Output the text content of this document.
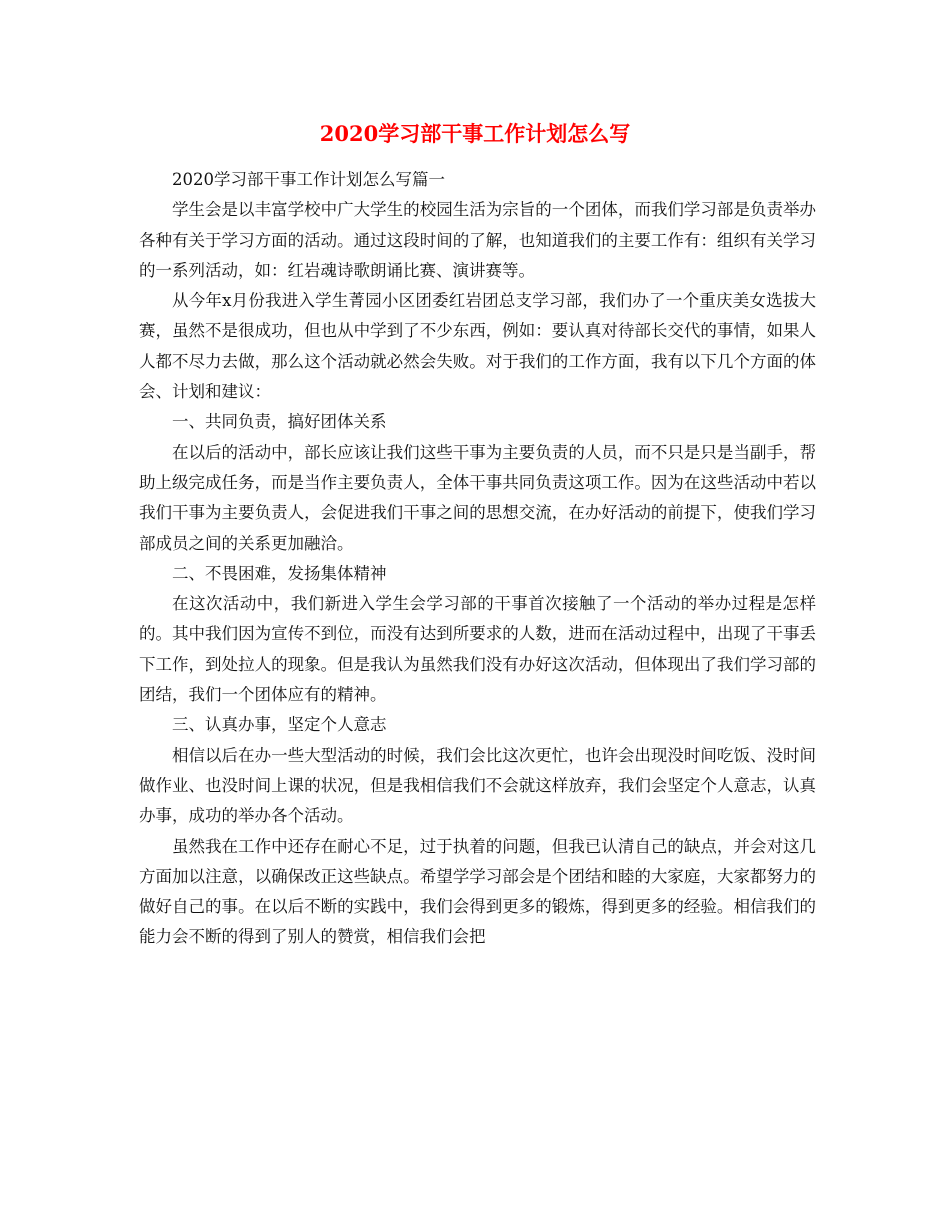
2020学习部干事工作计划怎么写

2020学习部干事工作计划怎么写篇一

学生会是以丰富学校中广大学生的校园生活为宗旨的一个团体，而我们学习部是负责举办各种有关于学习方面的活动。通过这段时间的了解，也知道我们的主要工作有：组织有关学习的一系列活动，如：红岩魂诗歌朗诵比赛、演讲赛等。

从今年x月份我进入学生菁园小区团委红岩团总支学习部，我们办了一个重庆美女选拔大赛，虽然不是很成功，但也从中学到了不少东西，例如：要认真对待部长交代的事情，如果人人都不尽力去做，那么这个活动就必然会失败。对于我们的工作方面，我有以下几个方面的体会、计划和建议：

一、共同负责，搞好团体关系

在以后的活动中，部长应该让我们这些干事为主要负责的人员，而不只是只是当副手，帮助上级完成任务，而是当作主要负责人，全体干事共同负责这项工作。因为在这些活动中若以我们干事为主要负责人，会促进我们干事之间的思想交流，在办好活动的前提下，使我们学习部成员之间的关系更加融洽。

二、不畏困难，发扬集体精神

在这次活动中，我们新进入学生会学习部的干事首次接触了一个活动的举办过程是怎样的。其中我们因为宣传不到位，而没有达到所要求的人数，进而在活动过程中，出现了干事丢下工作，到处拉人的现象。但是我认为虽然我们没有办好这次活动，但体现出了我们学习部的团结，我们一个团体应有的精神。

三、认真办事，坚定个人意志

相信以后在办一些大型活动的时候，我们会比这次更忙，也许会出现没时间吃饭、没时间做作业、也没时间上课的状况，但是我相信我们不会就这样放弃，我们会坚定个人意志，认真办事，成功的举办各个活动。

虽然我在工作中还存在耐心不足，过于执着的问题，但我已认清自己的缺点，并会对这几方面加以注意，以确保改正这些缺点。希望学学习部会是个团结和睦的大家庭，大家都努力的做好自己的事。在以后不断的实践中，我们会得到更多的锻炼，得到更多的经验。相信我们的能力会不断的得到了别人的赞赏，相信我们会把
